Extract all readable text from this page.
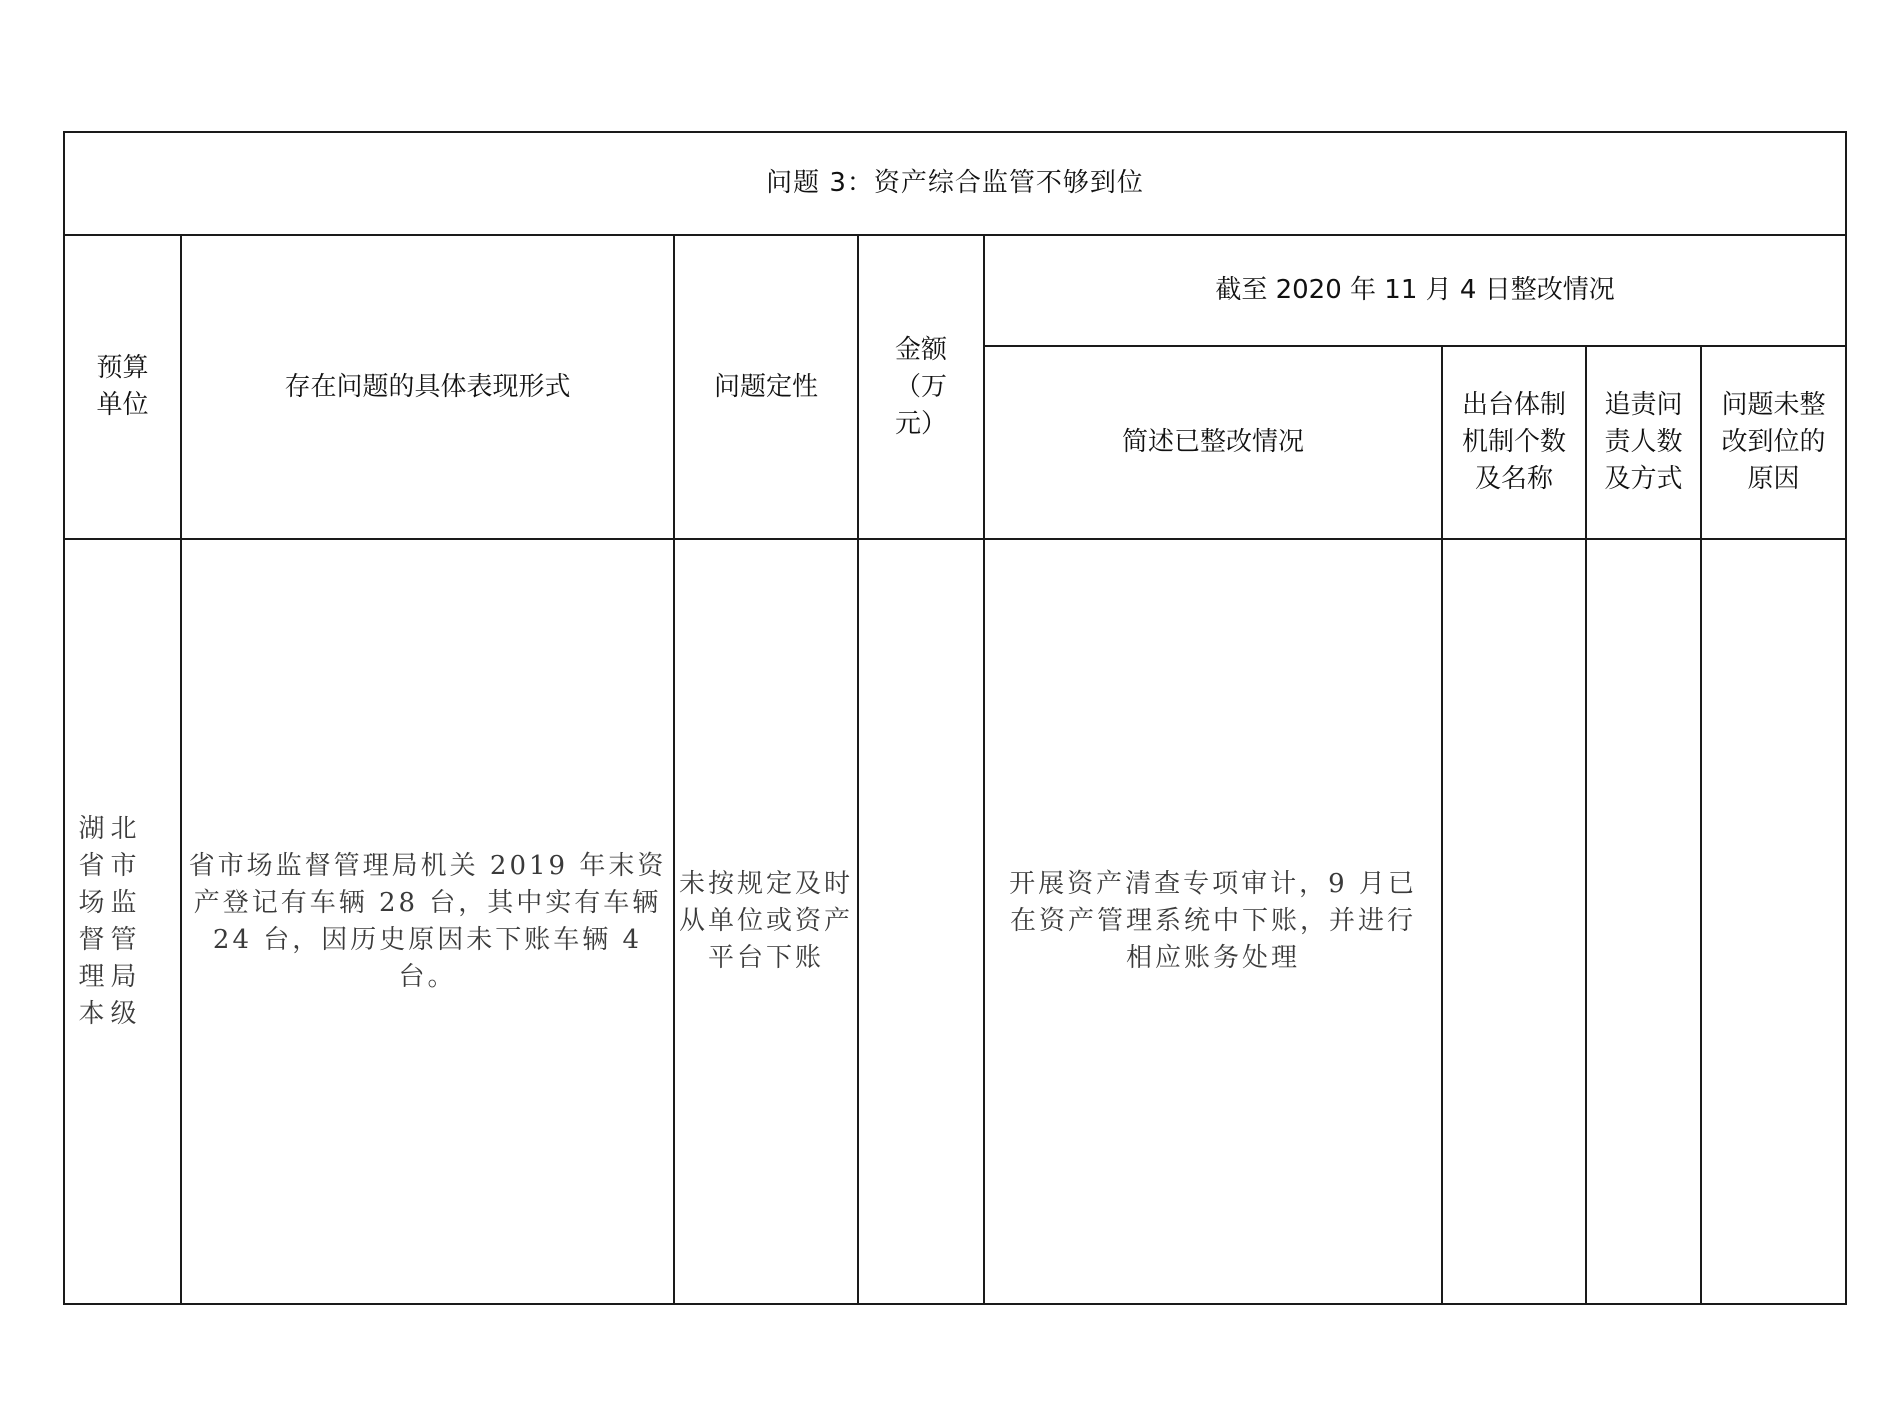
问题 3：资产综合监管不够到位							

预算单位	存在问题的具体表现形式	问题定性	金额（万元）	截至 2020 年 11 月 4 日整改情况			
				简述已整改情况	出台体制机制个数及名称	追责问责人数及方式	问题未整改到位的原因

湖北省市场监督管理局本级	省市场监督管理局机关 2019 年末资产登记有车辆 28 台，其中实有车辆 24 台，因历史原因未下账车辆 4 台。	未按规定及时从单位或资产平台下账		开展资产清查专项审计，9 月已在资产管理系统中下账，并进行相应账务处理			
